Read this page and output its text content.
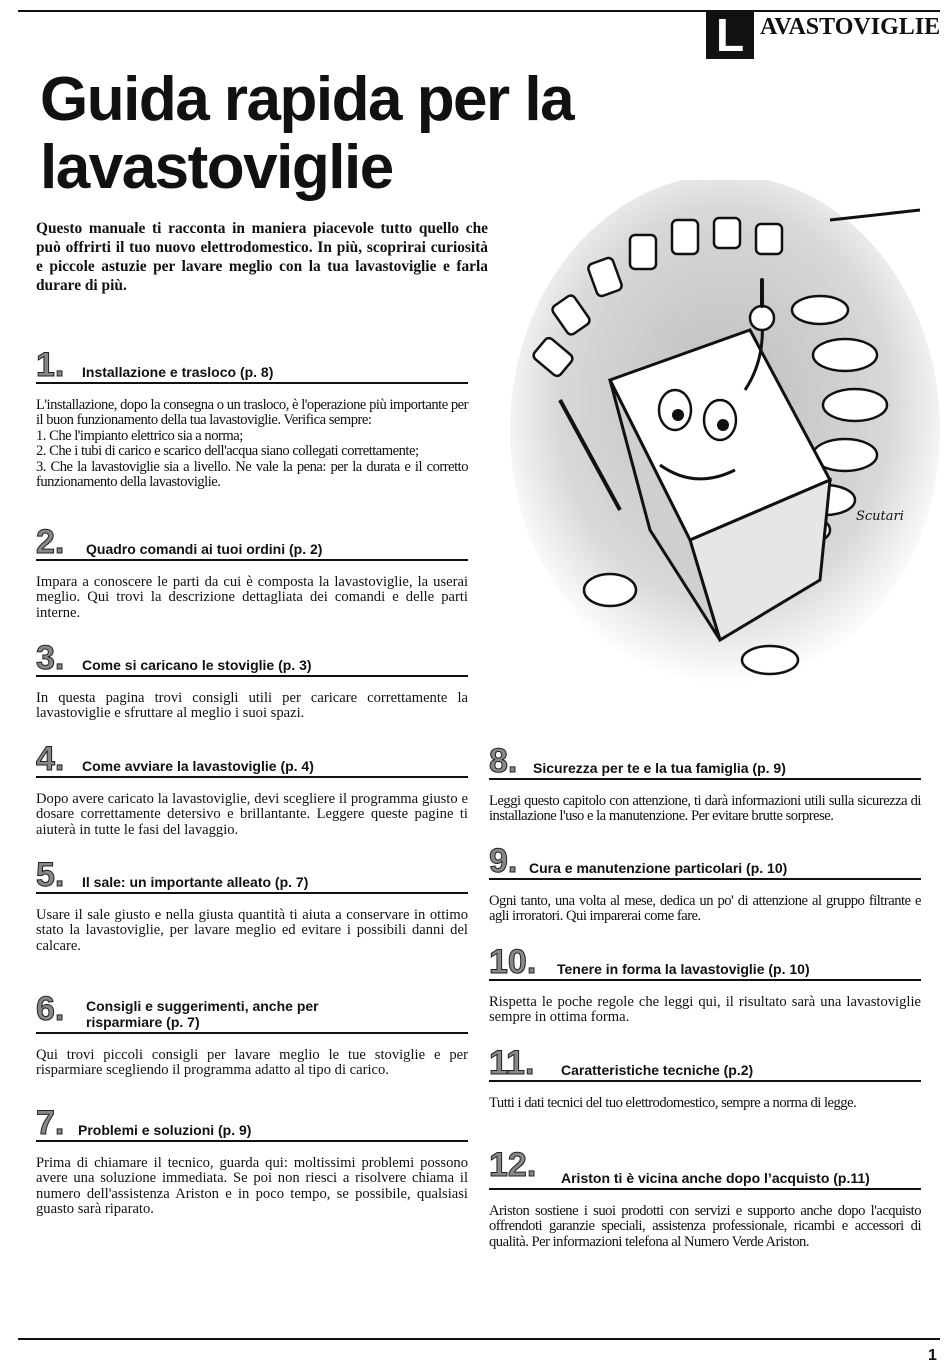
L AVASTOVIGLIE
Guida rapida per la lavastoviglie

Questo manuale ti racconta in maniera piacevole tutto quello che può offrirti il tuo nuovo elettrodomestico. In più, scoprirai curiosità e piccole astuzie per lavare meglio con la tua lavastoviglie e farla durare di più.

Scutari
1. Installazione e trasloco (p. 8)

L'installazione, dopo la consegna o un trasloco, è l'operazione più importante per il buon funzionamento della tua lavastoviglie. Verifica sempre:
1. Che l'impianto elettrico sia a norma;
2. Che i tubi di carico e scarico dell'acqua siano collegati correttamente;
3. Che la lavastoviglie sia a livello. Ne vale la pena: per la durata e il corretto funzionamento della lavastoviglie.

2. Quadro comandi ai tuoi ordini (p. 2)

Impara a conoscere le parti da cui è composta la lavastoviglie, la userai meglio. Qui trovi la descrizione dettagliata dei comandi e delle parti interne.

3. Come si caricano le stoviglie (p. 3)

In questa pagina trovi consigli utili per caricare correttamente la lavastoviglie e sfruttare al meglio i suoi spazi.

4. Come avviare la lavastoviglie (p. 4)

Dopo avere caricato la lavastoviglie, devi scegliere il programma giusto e dosare correttamente detersivo e brillantante. Leggere queste pagine ti aiuterà in tutte le fasi del lavaggio.

5. Il sale: un importante alleato (p. 7)

Usare il sale giusto e nella giusta quantità ti aiuta a conservare in ottimo stato la lavastoviglie, per lavare meglio ed evitare i possibili danni del calcare.

6. Consigli e suggerimenti, anche per risparmiare (p. 7)

Qui trovi piccoli consigli per lavare meglio le tue stoviglie e per risparmiare scegliendo il programma adatto al tipo di carico.

7. Problemi e soluzioni (p. 9)

Prima di chiamare il tecnico, guarda qui: moltissimi problemi possono avere una soluzione immediata. Se poi non riesci a risolvere chiama il numero dell'assistenza Ariston e in poco tempo, se possibile, qualsiasi guasto sarà riparato.

8. Sicurezza per te e la tua famiglia (p. 9)

Leggi questo capitolo con attenzione, ti darà informazioni utili sulla sicurezza di installazione l'uso e la manutenzione. Per evitare brutte sorprese.

9. Cura e manutenzione particolari (p. 10)

Ogni tanto, una volta al mese, dedica un po' di attenzione al gruppo filtrante e agli irroratori. Qui imparerai come fare.

10. Tenere in forma la lavastoviglie (p. 10)

Rispetta le poche regole che leggi qui, il risultato sarà una lavastoviglie sempre in ottima forma.

11. Caratteristiche tecniche (p.2)

Tutti i dati tecnici del tuo elettrodomestico, sempre a norma di legge.

12. Ariston ti è vicina anche dopo l’acquisto (p.11)

Ariston sostiene i suoi prodotti con servizi e supporto anche dopo l'acquisto offrendoti garanzie speciali, assistenza professionale, ricambi e accessori di qualità. Per informazioni telefona al Numero Verde Ariston.

1
